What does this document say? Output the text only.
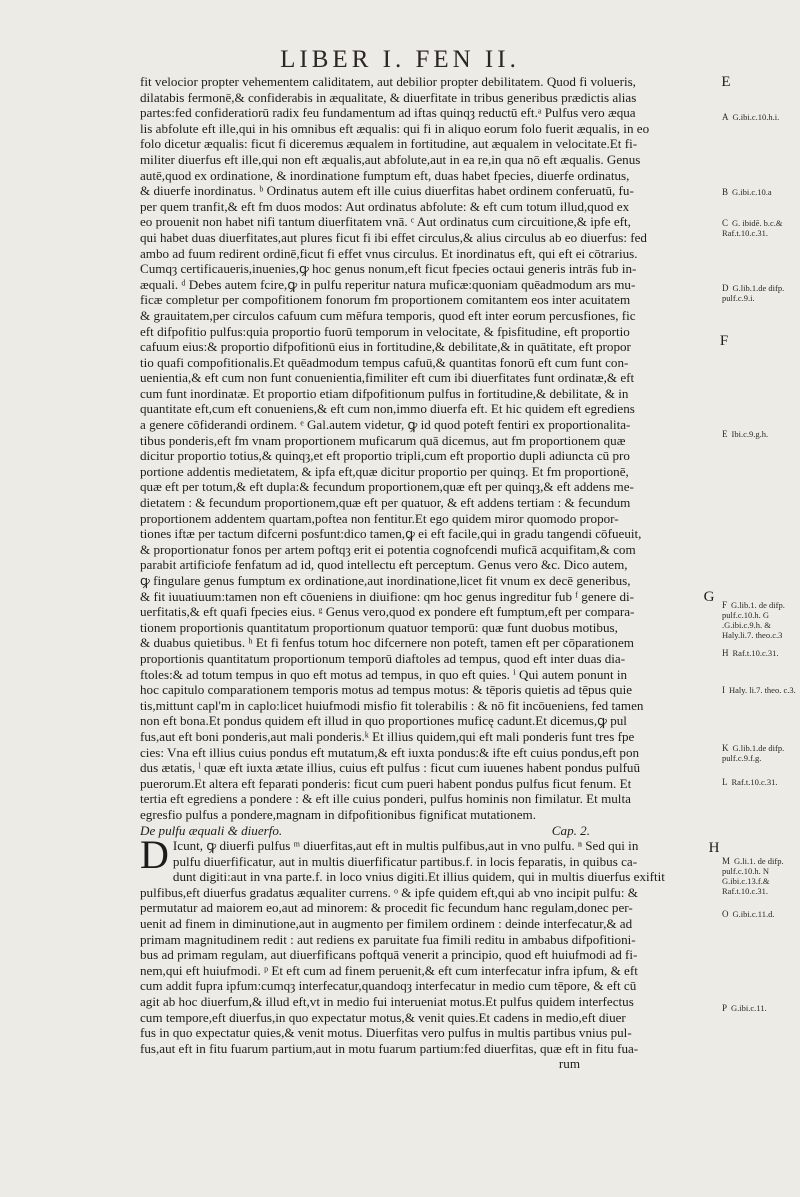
LIBER I. FEN II.
fit velocior propter vehementem caliditatem, aut debilior propter debilitatem. Quod fi volueris,
dilatabis fermonē,& confiderabis in æqualitate, & diuerfitate in tribus generibus prædictis alias
partes:fed confideratiorū radix feu fundamentum ad iftas quinqȝ reductū eft.ᵃ Pulfus vero æqua
lis abfolute eft ille,qui in his omnibus eft æqualis: qui fi in aliquo eorum folo fuerit æqualis, in eo
folo dicetur æqualis: ficut fi diceremus æqualem in fortitudine, aut æqualem in velocitate.Et fi-
militer diuerfus eft ille,qui non eft æqualis,aut abfolute,aut in ea re,in qua nō eft æqualis. Genus
autē,quod ex ordinatione, & inordinatione fumptum eft, duas habet fpecies, diuerfe ordinatus,
& diuerfe inordinatus. ᵇ Ordinatus autem eft ille cuius diuerfitas habet ordinem conferuatū, fu-
per quem tranfit,& eft fm duos modos: Aut ordinatus abfolute: & eft cum totum illud,quod ex
eo prouenit non habet nifi tantum diuerfitatem vnā. ᶜ Aut ordinatus cum circuitione,& ipfe eft,
qui habet duas diuerfitates,aut plures ficut fi ibi effet circulus,& alius circulus ab eo diuerfus: fed
ambo ad fuum redirent ordinē,ficut fi effet vnus circulus. Et inordinatus eft, qui eft ei cōtrarius.
Cumqȝ certificaueris,inuenies,ꝙ hoc genus nonum,eft ficut fpecies octaui generis intrās fub in-
æquali. ᵈ Debes autem fcire,ꝙ in pulfu reperitur natura muficæ:quoniam quēadmodum ars mu-
ficæ completur per compofitionem fonorum fm proportionem comitantem eos inter acuitatem
& grauitatem,per circulos cafuum cum mēfura temporis, quod eft inter eorum percusfiones, fic
eft difpofitio pulfus:quia proportio fuorū temporum in velocitate, & fpisfitudine, eft proportio
cafuum eius:& proportio difpofitionū eius in fortitudine,& debilitate,& in quātitate, eft propor
tio quafi compofitionalis.Et quēadmodum tempus cafuū,& quantitas fonorū eft cum funt con-
uenientia,& eft cum non funt conuenientia,fimiliter eft cum ibi diuerfitates funt ordinatæ,& eft
cum funt inordinatæ. Et proportio etiam difpofitionum pulfus in fortitudine,& debilitate, & in
quantitate eft,cum eft conueniens,& eft cum non,immo diuerfa eft. Et hic quidem eft egrediens
a genere cōfiderandi ordinem. ᵉ Gal.autem videtur, ꝙ id quod poteft fentiri ex proportionalita-
tibus ponderis,eft fm vnam proportionem muficarum quā dicemus, aut fm proportionem quæ
dicitur proportio totius,& quinqȝ,et eft proportio tripli,cum eft proportio dupli adiuncta cū pro
portione addentis medietatem, & ipfa eft,quæ dicitur proportio per quinqȝ. Et fm proportionē,
quæ eft per totum,& eft dupla:& fecundum proportionem,quæ eft per quinqȝ,& eft addens me-
dietatem : & fecundum proportionem,quæ eft per quatuor, & eft addens tertiam : & fecundum
proportionem addentem quartam,poftea non fentitur.Et ego quidem miror quomodo propor-
tiones iftæ per tactum difcerni posfunt:dico tamen,ꝙ ei eft facile,qui in gradu tangendi cōfueuit,
& proportionatur fonos per artem poftqȝ erit ei potentia cognofcendi muficā acquifitam,& com
parabit artificiofe fenfatum ad id, quod intellectu eft perceptum. Genus vero &c. Dico autem,
ꝙ fingulare genus fumptum ex ordinatione,aut inordinatione,licet fit vnum ex decē generibus,
& fit iuuatiuum:tamen non eft cōueniens in diuifione: qm hoc genus ingreditur fub ᶠ genere di-
uerfitatis,& eft quafi fpecies eius. ᵍ Genus vero,quod ex pondere eft fumptum,eft per compara-
tionem proportionis quantitatum proportionum quatuor temporū: quæ funt duobus motibus,
& duabus quietibus. ʰ Et fi fenfus totum hoc difcernere non poteft, tamen eft per cōparationem
proportionis quantitatum proportionum temporū diaftoles ad tempus, quod eft inter duas dia-
ftoles:& ad totum tempus in quo eft motus ad tempus, in quo eft quies. ⁱ Qui autem ponunt in
hoc capitulo comparationem temporis motus ad tempus motus: & tēporis quietis ad tēpus quie
tis,mittunt capl'm in caplo:licet huiufmodi misfio fit tolerabilis : & nō fit incōueniens, fed tamen
non eft bona.Et pondus quidem eft illud in quo proportiones muficę cadunt.Et dicemus,ꝙ pul
fus,aut eft boni ponderis,aut mali ponderis.ᵏ Et illius quidem,qui eft mali ponderis funt tres fpe
cies: Vna eft illius cuius pondus eft mutatum,& eft iuxta pondus:& ifte eft cuius pondus,eft pon
dus ætatis, ˡ quæ eft iuxta ætate illius, cuius eft pulfus : ficut cum iuuenes habent pondus pulfuū
puerorum.Et altera eft feparati ponderis: ficut cum pueri habent pondus pulfus ficut fenum. Et
tertia eft egrediens a pondere : & eft ille cuius ponderi, pulfus hominis non fimilatur. Et multa
egresfio pulfus a pondere,magnam in difpofitionibus fignificat mutationem.
De pulfu æquali & diuerfo.	Cap. 2.
D Icunt, ꝙ diuerfi pulfus ᵐ diuerfitas,aut eft in multis pulfibus,aut in vno pulfu. ⁿ Sed qui in
pulfu diuerfificatur, aut in multis diuerfificatur partibus.f. in locis feparatis, in quibus ca-
dunt digiti:aut in vna parte.f. in loco vnius digiti.Et illius quidem, qui in multis diuerfus exiftit
pulfibus,eft diuerfus gradatus æqualiter currens. ᵒ & ipfe quidem eft,qui ab vno incipit pulfu: &
permutatur ad maiorem eo,aut ad minorem: & procedit fic fecundum hanc regulam,donec per-
uenit ad finem in diminutione,aut in augmento per fimilem ordinem : deinde interfecatur,& ad
primam magnitudinem redit : aut rediens ex paruitate fua fimili reditu in ambabus difpofitioni-
bus ad primam regulam, aut diuerfificans poftquā venerit a principio, quod eft huiufmodi ad fi-
nem,qui eft huiufmodi. ᵖ Et eft cum ad finem peruenit,& eft cum interfecatur infra ipfum, & eft
cum addit fupra ipfum:cumqȝ interfecatur,quandoqȝ interfecatur in medio cum tēpore, & eft cū
agit ab hoc diuerfum,& illud eft,vt in medio fui interueniat motus.Et pulfus quidem interfectus
cum tempore,eft diuerfus,in quo expectatur motus,& venit quies.Et cadens in medio,eft diuer
fus in quo expectatur quies,& venit motus. Diuerfitas vero pulfus in multis partibus vnius pul-
fus,aut eft in fitu fuarum partium,aut in motu fuarum partium:fed diuerfitas, quæ eft in fitu fua-
rum
E
F
G
H
A G.ibi.c.10.h.i.
B G.ibi.c.10.a
C G. ibidē. b.c.& Raf.t.10.c.31.
D G.lib.1.de difp. pulf.c.9.i.
E Ibi.c.9.g.h.
F G.lib.1. de difp. pulf.c.10.h. G .G.ibi.c.9.h. & Haly.li.7. theo.c.3
H Raf.t.10.c.31.
I Haly. li.7. theo. c.3.
K G.lib.1.de difp. pulf.c.9.f.g.
L Raf.t.10.c.31.
M G.li.1. de difp. pulf.c.10.h. N G.ibi.c.13.f.& Raf.t.10.c.31.
O G.ibi.c.11.d.
P G.ibi.c.11.
